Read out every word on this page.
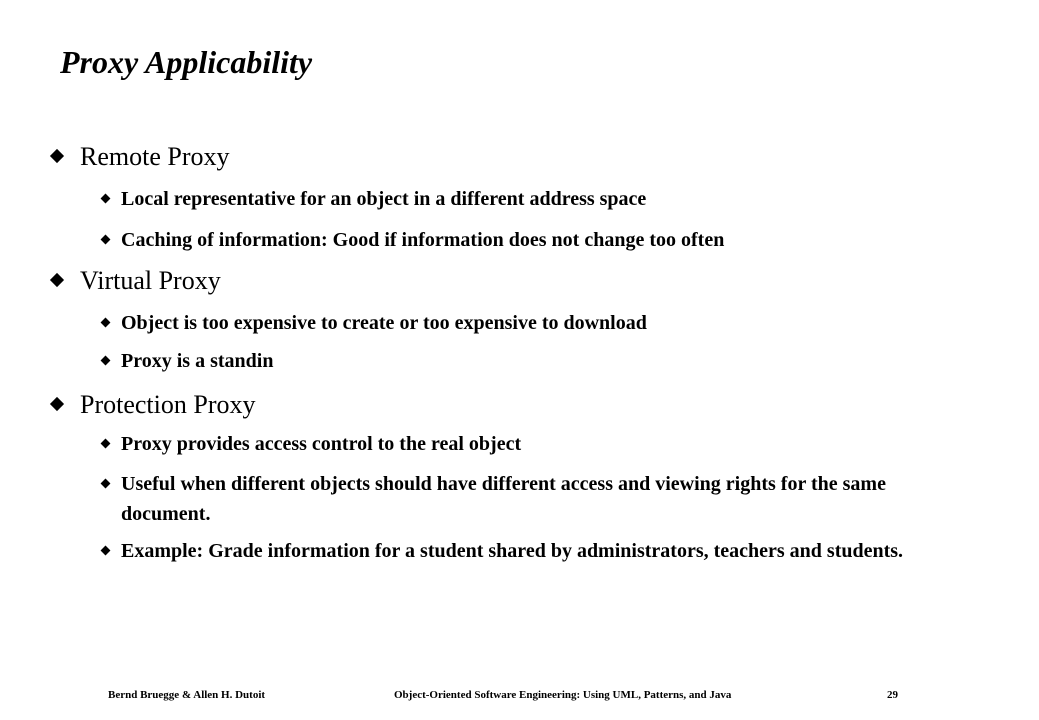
Proxy Applicability
Remote Proxy
Local representative for an object in a different address space
Caching of information: Good if information does not change too often
Virtual Proxy
Object is too expensive to create or too expensive to download
Proxy is a standin
Protection Proxy
Proxy provides access control to the real object
Useful when different objects should have different access and viewing rights for the same document.
Example: Grade information for a student shared by administrators, teachers and students.
Bernd Bruegge & Allen H. Dutoit	Object-Oriented Software Engineering: Using UML, Patterns, and Java	29
